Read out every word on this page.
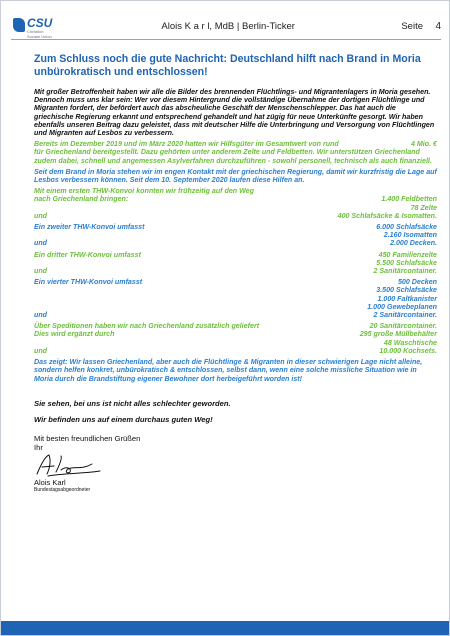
CSU
Christlich Soziale Union
Alois K a r l, MdB | Berlin-Ticker	Seite	4

Zum Schluss noch die gute Nachricht: Deutschland hilft nach Brand in Moria unbürokratisch und entschlossen!

Mit großer Betroffenheit haben wir alle die Bilder des brennenden Flüchtlings- und Migrantenlagers in Moria gesehen. Dennoch muss uns klar sein: Wer vor diesem Hintergrund die vollständige Übernahme der dortigen Flüchtlinge und Migranten fordert, der befördert auch das abscheuliche Geschäft der Menschenschlepper. Das hat auch die griechische Regierung erkannt und entsprechend gehandelt und hat zügig für neue Unterkünfte gesorgt. Wir haben ebenfalls unseren Beitrag dazu geleistet, dass mit deutscher Hilfe die Unterbringung und Versorgung von Flüchtlingen und Migranten auf Lesbos zu verbessern.

Bereits im Dezember 2019 und im März 2020 hatten wir Hilfsgüter im Gesamtwert von rund	4 Mio. €
für Griechenland bereitgestellt. Dazu gehörten unter anderem Zelte und Feldbetten. Wir unterstützen Griechenland zudem dabei, schnell und angemessen Asylverfahren durchzuführen - sowohl personell, technisch als auch finanziell.

Seit dem Brand in Moria stehen wir im engen Kontakt mit der griechischen Regierung, damit wir kurzfristig die Lage auf Lesbos verbessern können. Seit dem 10. September 2020 laufen diese Hilfen an.

Mit einem ersten THW-Konvoi konnten wir frühzeitig auf den Weg
nach Griechenland bringen:	1.400 Feldbetten
78 Zelte
und	400 Schlafsäcke & Isomatten.
Ein zweiter THW-Konvoi umfasst	6.000 Schlafsäcke
2.160 Isomatten
und	2.000 Decken.
Ein dritter THW-Konvoi umfasst	450 Familienzelte
5.500 Schlafsäcke
und	2 Sanitärcontainer.
Ein vierter THW-Konvoi umfasst	500 Decken
3.500 Schlafsäcke
1.000 Faltkanister
1.000 Gewebeplanen
und	2 Sanitärcontainer.
Über Speditionen haben wir nach Griechenland zusätzlich geliefert	20 Sanitärcontainer.
Dies wird ergänzt durch	295 große Müllbehälter
48 Waschtische
und	10.000 Kochsets.

Das zeigt: Wir lassen Griechenland, aber auch die Flüchtlinge & Migranten in dieser schwierigen Lage nicht alleine, sondern helfen konkret, unbürokratisch & entschlossen, selbst dann, wenn eine solche missliche Situation wie in Moria durch die Brandstiftung eigener Bewohner dort herbeigeführt worden ist!

Sie sehen, bei uns ist nicht alles schlechter geworden.

Wir befinden uns auf einem durchaus guten Weg!

Mit besten freundlichen Grüßen

Ihr

Alois Karl

Bundestagsabgeordneter
